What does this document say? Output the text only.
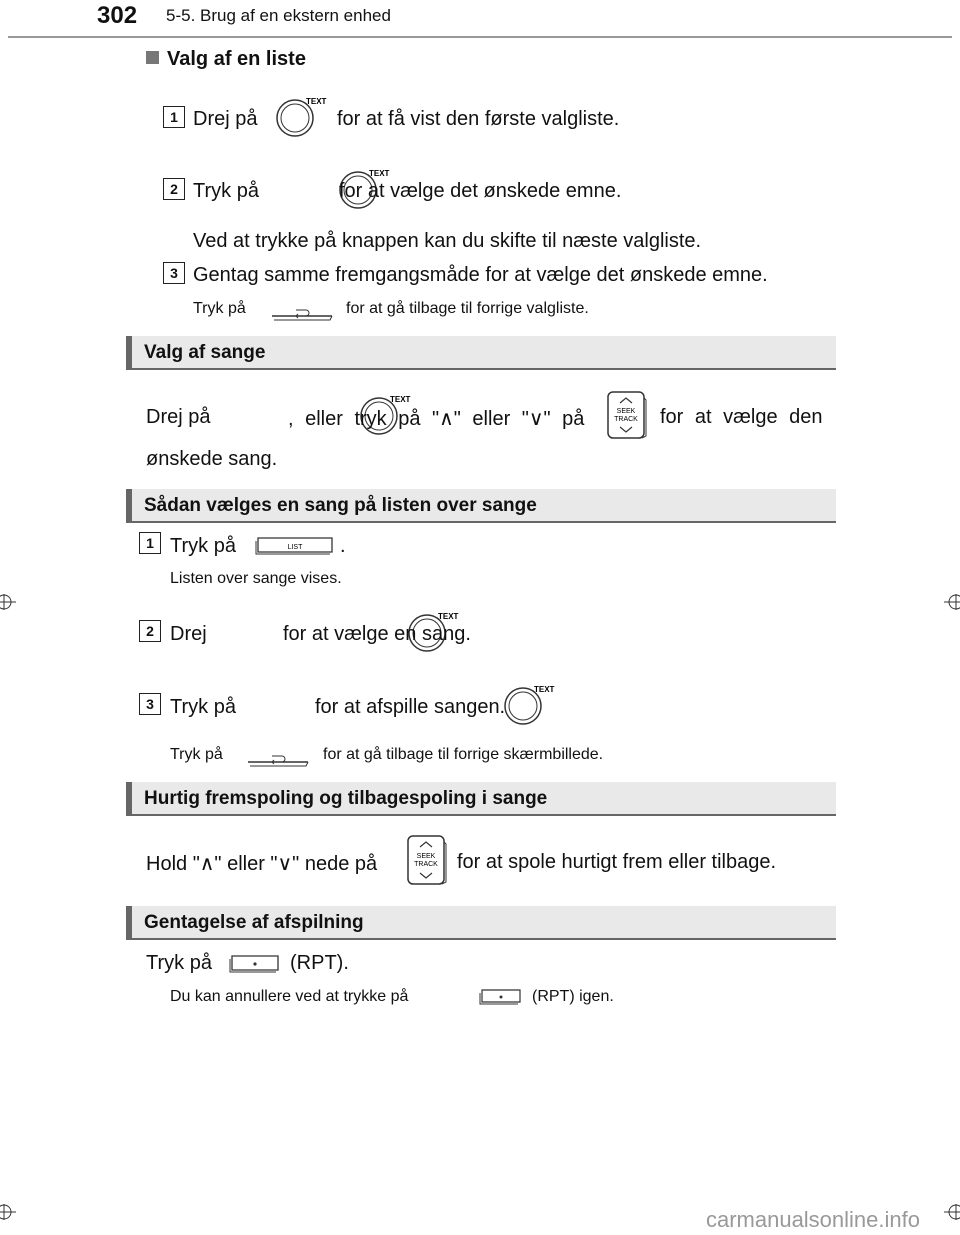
302 5-5. Brug af en ekstern enhed
Valg af en liste
1 Drej på
TEXT

for at få vist den første valgliste.
2 Tryk på
TEXT

for at vælge det ønskede emne.
Ved at trykke på knappen kan du skifte til næste valgliste.
3 Gentag samme fremgangsmåde for at vælge det ønskede emne.
Tryk på	for at gå tilbage til forrige valgliste.
Valg af sange
Drej på
TEXT

, eller tryk på "∧" eller "∨" på	SEEK
TRACK for at vælge den
ønskede sang.
Sådan vælges en sang på listen over sange
1 Tryk på	LIST .
Listen over sange vises.
2 Drej
TEXT

for at vælge en sang.
3 Tryk på
TEXT
for at afspille sangen.
Tryk på	for at gå tilbage til forrige skærmbillede.
Hurtig fremspoling og tilbagespoling i sange
Hold "∧" eller "∨" nede på	SEEK
TRACK for at spole hurtigt frem eller tilbage.
Gentagelse af afspilning
Tryk på	(RPT).
Du kan annullere ved at trykke på	(RPT) igen.
carmanualsonline.info
